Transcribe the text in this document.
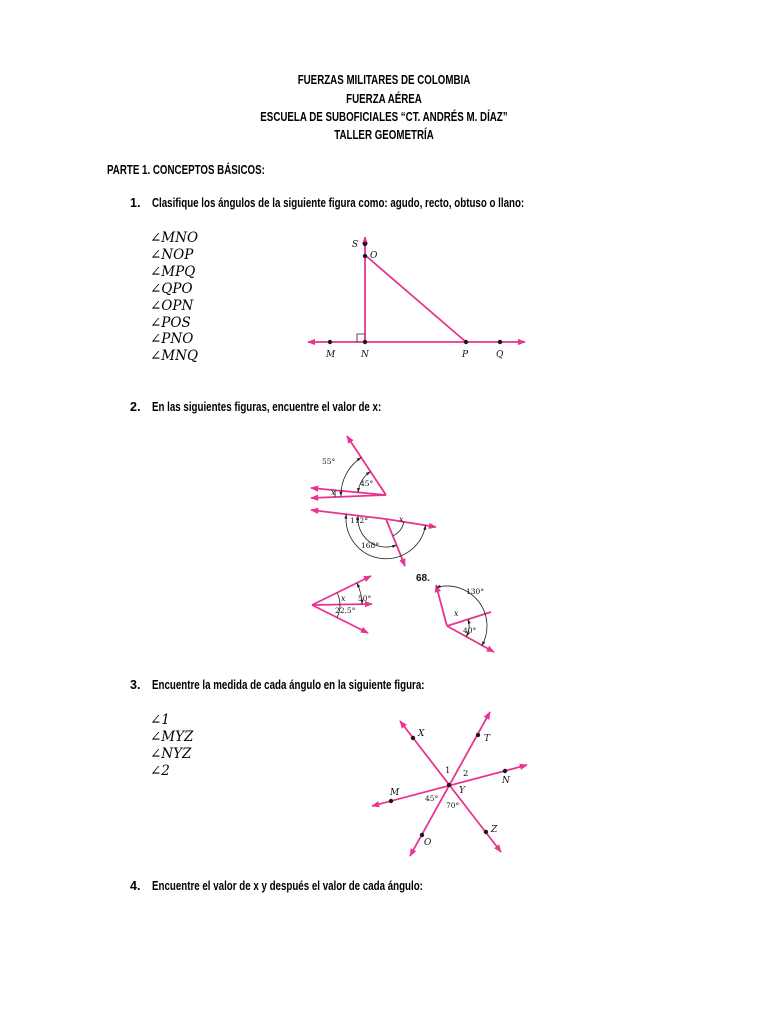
FUERZAS MILITARES DE COLOMBIA
FUERZA AÉREA
ESCUELA DE SUBOFICIALES “CT. ANDRÉS M. DÍAZ”
TALLER GEOMETRÍA
PARTE 1. CONCEPTOS BÁSICOS:
1. Clasifique los ángulos de la siguiente figura como: agudo, recto, obtuso o llano:
∠MNO
∠NOP
∠MPQ
∠QPO
∠OPN
∠POS
∠PNO
∠MNQ
2. En las siguientes figuras, encuentre el valor de x:
3. Encuentre la medida de cada ángulo en la siguiente figura:
∠1
∠MYZ
∠NYZ
∠2
4. Encuentre el valor de x y después el valor de cada ángulo:
S
O
M	N	P	Q
55°
45°
x
112°	x
168°
x 50°
22.5°
68.
130°
x
40°
X	T
N
M	Y
Z
O
1 2
45°
70°
